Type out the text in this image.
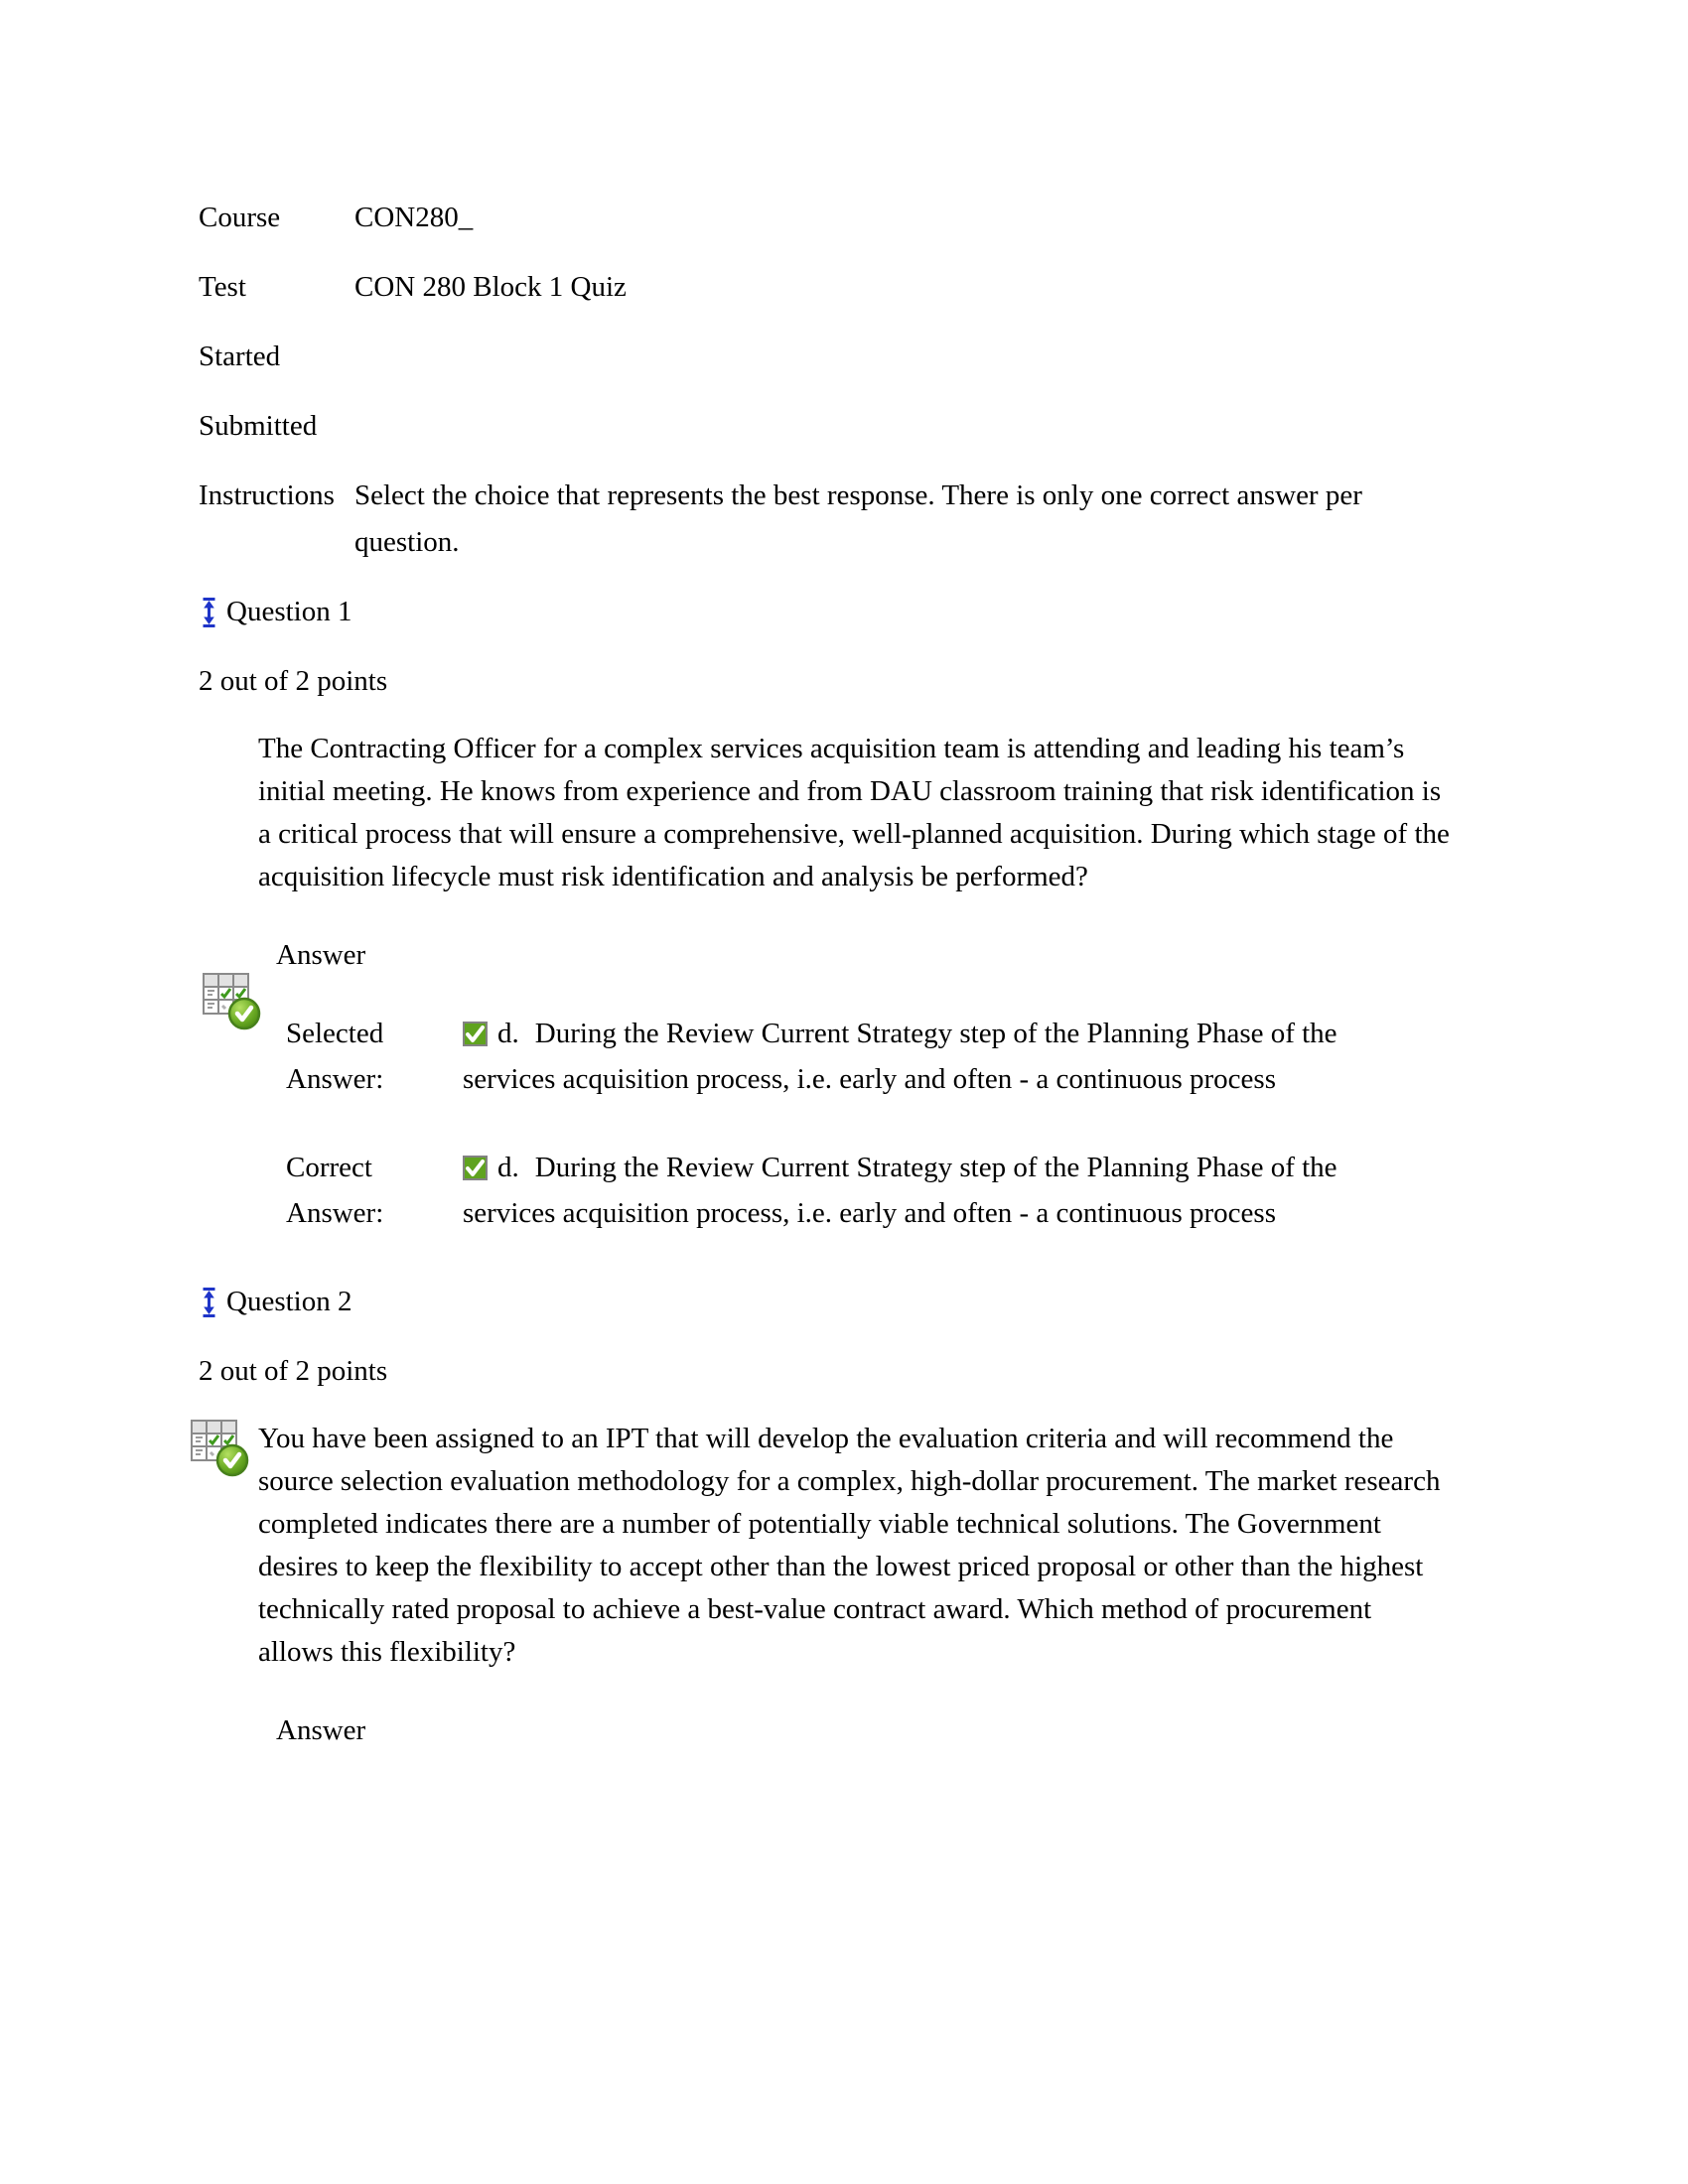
Course	CON280_
Test	CON 280 Block 1 Quiz
Started
Submitted
Instructions Select the choice that represents the best response. There is only one correct answer per question.
Question 1
2 out of 2 points
The Contracting Officer for a complex services acquisition team is attending and leading his team’s initial meeting. He knows from experience and from DAU classroom training that risk identification is a critical process that will ensure a comprehensive, well-planned acquisition. During which stage of the acquisition lifecycle must risk identification and analysis be performed?
Answer
Selected Answer:
d. During the Review Current Strategy step of the Planning Phase of the services acquisition process, i.e. early and often - a continuous process
Correct Answer:
d. During the Review Current Strategy step of the Planning Phase of the services acquisition process, i.e. early and often - a continuous process
Question 2
2 out of 2 points
You have been assigned to an IPT that will develop the evaluation criteria and will recommend the source selection evaluation methodology for a complex, high-dollar procurement. The market research completed indicates there are a number of potentially viable technical solutions. The Government desires to keep the flexibility to accept other than the lowest priced proposal or other than the highest technically rated proposal to achieve a best-value contract award. Which method of procurement allows this flexibility?
Answer
